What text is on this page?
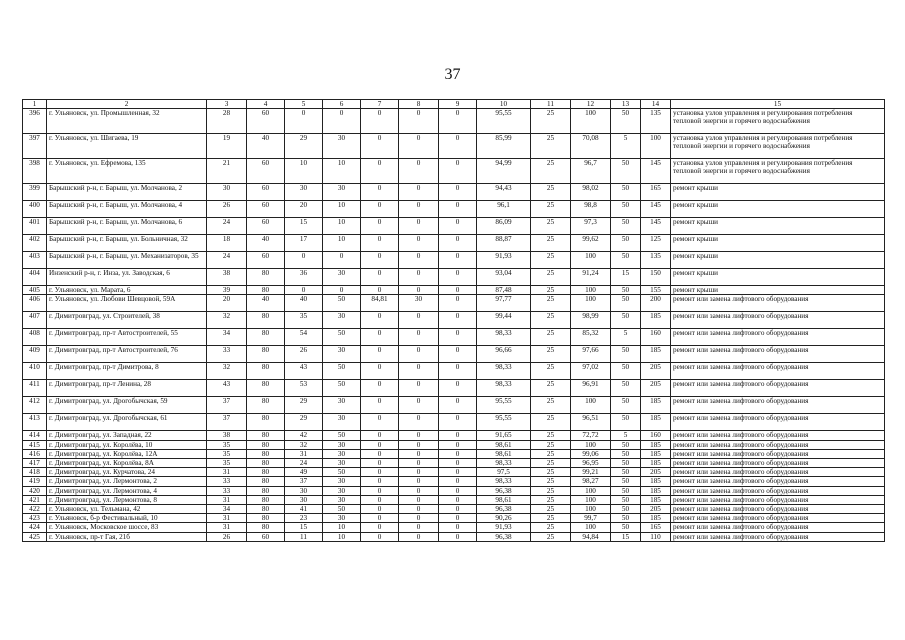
37
1	2	3	4	5	6	7	8	9	10	11	12	13	14	15
396	г. Ульяновск, ул. Промышленная, 32	28	60	0	0	0	0	0	95,55	25	100	50	135	установка узлов управления и регулирования потребления тепловой энергии и горячего водоснабжения
397	г. Ульяновск, ул. Шигаева, 19	19	40	29	30	0	0	0	85,99	25	70,08	5	100	установка узлов управления и регулирования потребления тепловой энергии и горячего водоснабжения
398	г. Ульяновск, ул. Ефремова, 135	21	60	10	10	0	0	0	94,99	25	96,7	50	145	установка узлов управления и регулирования потребления тепловой энергии и горячего водоснабжения
399	Барышский р-н, г. Барыш, ул. Молчанова, 2	30	60	30	30	0	0	0	94,43	25	98,02	50	165	ремонт крыши
400	Барышский р-н, г. Барыш, ул. Молчанова, 4	26	60	20	10	0	0	0	96,1	25	98,8	50	145	ремонт крыши
401	Барышский р-н, г. Барыш, ул. Молчанова, 6	24	60	15	10	0	0	0	86,09	25	97,3	50	145	ремонт крыши
402	Барышский р-н, г. Барыш, ул. Больничная, 32	18	40	17	10	0	0	0	88,87	25	99,62	50	125	ремонт крыши
403	Барышский р-н, г. Барыш, ул. Механизаторов, 35	24	60	0	0	0	0	0	91,93	25	100	50	135	ремонт крыши
404	Инзенский р-н, г. Инза, ул. Заводская, 6	38	80	36	30	0	0	0	93,04	25	91,24	15	150	ремонт крыши
405	г. Ульяновск, ул. Марата, 6	39	80	0	0	0	0	0	87,48	25	100	50	155	ремонт крыши
406	г. Ульяновск, ул. Любови Шевцовой, 59А	20	40	40	50	84,81	30	0	97,77	25	100	50	200	ремонт или замена лифтового оборудования
407	г. Димитровград, ул. Строителей, 38	32	80	35	30	0	0	0	99,44	25	98,99	50	185	ремонт или замена лифтового оборудования
408	г. Димитровград, пр-т Автостроителей, 55	34	80	54	50	0	0	0	98,33	25	85,32	5	160	ремонт или замена лифтового оборудования
409	г. Димитровград, пр-т Автостроителей, 76	33	80	26	30	0	0	0	96,66	25	97,66	50	185	ремонт или замена лифтового оборудования
410	г. Димитровград, пр-т Димитрова, 8	32	80	43	50	0	0	0	98,33	25	97,02	50	205	ремонт или замена лифтового оборудования
411	г. Димитровград, пр-т Ленина, 28	43	80	53	50	0	0	0	98,33	25	96,91	50	205	ремонт или замена лифтового оборудования
412	г. Димитровград, ул. Дрогобычская, 59	37	80	29	30	0	0	0	95,55	25	100	50	185	ремонт или замена лифтового оборудования
413	г. Димитровград, ул. Дрогобычская, 61	37	80	29	30	0	0	0	95,55	25	96,51	50	185	ремонт или замена лифтового оборудования
414	г. Димитровград, ул. Западная, 22	38	80	42	50	0	0	0	91,65	25	72,72	5	160	ремонт или замена лифтового оборудования
415	г. Димитровград, ул. Королёва, 10	35	80	32	30	0	0	0	98,61	25	100	50	185	ремонт или замена лифтового оборудования
416	г. Димитровград, ул. Королёва, 12А	35	80	31	30	0	0	0	98,61	25	99,06	50	185	ремонт или замена лифтового оборудования
417	г. Димитровград, ул. Королёва, 8А	35	80	24	30	0	0	0	98,33	25	96,95	50	185	ремонт или замена лифтового оборудования
418	г. Димитровград, ул. Курчатова, 24	31	80	49	50	0	0	0	97,5	25	99,21	50	205	ремонт или замена лифтового оборудования
419	г. Димитровград, ул. Лермонтова, 2	33	80	37	30	0	0	0	98,33	25	98,27	50	185	ремонт или замена лифтового оборудования
420	г. Димитровград, ул. Лермонтова, 4	33	80	30	30	0	0	0	96,38	25	100	50	185	ремонт или замена лифтового оборудования
421	г. Димитровград, ул. Лермонтова, 8	31	80	30	30	0	0	0	98,61	25	100	50	185	ремонт или замена лифтового оборудования
422	г. Ульяновск, ул. Тельмана, 42	34	80	41	50	0	0	0	96,38	25	100	50	205	ремонт или замена лифтового оборудования
423	г. Ульяновск, б-р Фестивальный, 10	31	80	23	30	0	0	0	90,26	25	99,7	50	185	ремонт или замена лифтового оборудования
424	г. Ульяновск, Московское шоссе, 83	31	80	15	10	0	0	0	91,93	25	100	50	165	ремонт или замена лифтового оборудования
425	г. Ульяновск, пр-т Гая, 21б	26	60	11	10	0	0	0	96,38	25	94,84	15	110	ремонт или замена лифтового оборудования
